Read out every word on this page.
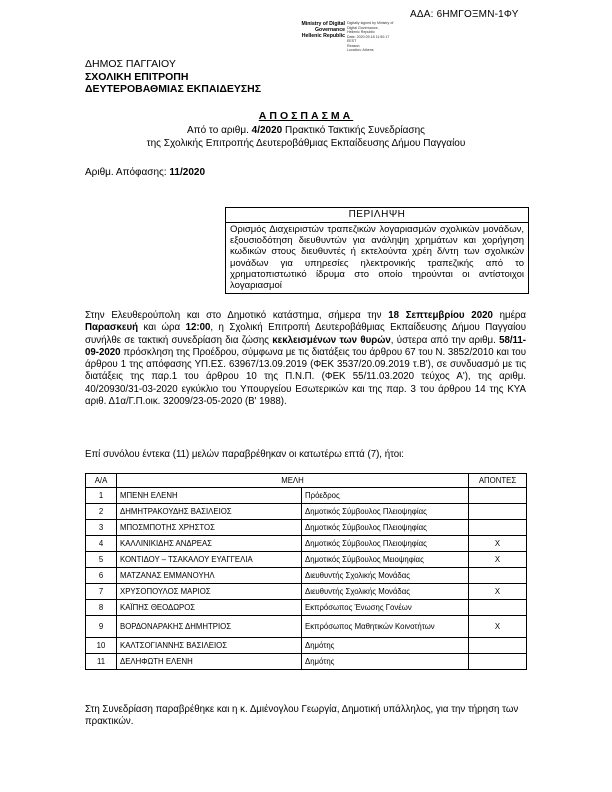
ΑΔΑ: 6ΗΜΓΟΞΜΝ-1ΦΥ
Ministry of Digital
Governance
Hellenic Republic
Digitally signed by Ministry of
Digital Governance,
Hellenic Republic
Date: 2020.09.18 11:50:17
EEST
Reason:
Location: Athens
ΔΗΜΟΣ ΠΑΓΓΑΙΟΥ
ΣΧΟΛΙΚΗ ΕΠΙΤΡΟΠΗ
ΔΕΥΤΕΡΟΒΑΘΜΙΑΣ ΕΚΠΑΙΔΕΥΣΗΣ
ΑΠΟΣΠΑΣΜΑ
Από το αριθμ. 4/2020 Πρακτικό Τακτικής Συνεδρίασης
της Σχολικής Επιτροπής Δευτεροβάθμιας Εκπαίδευσης Δήμου Παγγαίου
Αριθμ. Απόφασης: 11/2020
ΠΕΡΙΛΗΨΗ
Ορισμός Διαχειριστών τραπεζικών λογαριασμών σχολικών μονάδων, εξουσιοδότηση διευθυντών για ανάληψη χρημάτων και χορήγηση κωδικών στους διευθυντές ή εκτελούντα χρέη δ/ντη των σχολικών μονάδων για υπηρεσίες ηλεκτρονικής τραπεζικής από το χρηματοπιστωτικό ίδρυμα στο οποίο τηρούνται οι αντίστοιχοι λογαριασμοί
Στην Ελευθερούπολη και στο Δημοτικό κατάστημα, σήμερα την 18 Σεπτεμβρίου 2020 ημέρα Παρασκευή και ώρα 12:00, η Σχολική Επιτροπή Δευτεροβάθμιας Εκπαίδευσης Δήμου Παγγαίου συνήλθε σε τακτική συνεδρίαση δια ζώσης κεκλεισμένων των θυρών, ύστερα από την αριθμ. 58/11-09-2020 πρόσκληση της Προέδρου, σύμφωνα με τις διατάξεις του άρθρου 67 του Ν. 3852/2010 και του άρθρου 1 της απόφασης ΥΠ.ΕΣ. 63967/13.09.2019 (ΦΕΚ 3537/20.09.2019 τ.Β'), σε συνδυασμό με τις διατάξεις της παρ.1 του άρθρου 10 της Π.Ν.Π. (ΦΕΚ 55/11.03.2020 τεύχος Α'), της αριθμ. 40/20930/31-03-2020 εγκύκλιο του Υπουργείου Εσωτερικών και της παρ. 3 του άρθρου 14 της ΚΥΑ αριθ. Δ1α/Γ.Π.οικ. 32009/23-05-2020 (Β' 1988).
Επί συνόλου έντεκα (11) μελών παραβρέθηκαν οι κατωτέρω επτά (7), ήτοι:
Α/Α	ΜΕΛΗ		ΑΠΟΝΤΕΣ
1	ΜΠΕΝΗ ΕΛΕΝΗ	Πρόεδρος	
2	ΔΗΜΗΤΡΑΚΟΥΔΗΣ ΒΑΣΙΛΕΙΟΣ	Δημοτικός Σύμβουλος Πλειοψηφίας	
3	ΜΠΟΣΜΠΟΤΗΣ ΧΡΗΣΤΟΣ	Δημοτικός Σύμβουλος Πλειοψηφίας	
4	ΚΑΛΛΙΝΙΚΙΔΗΣ ΑΝΔΡΕΑΣ	Δημοτικός Σύμβουλος Πλειοψηφίας	Χ
5	ΚΟΝΤΙΔΟΥ – ΤΣΑΚΑΛΟΥ ΕΥΑΓΓΕΛΙΑ	Δημοτικός Σύμβουλος Μειοψηφίας	Χ
6	ΜΑΤΖΑΝΑΣ ΕΜΜΑΝΟΥΗΛ	Διευθυντής Σχολικής Μονάδας	
7	ΧΡΥΣΟΠΟΥΛΟΣ ΜΑΡΙΟΣ	Διευθυντής Σχολικής Μονάδας	Χ
8	ΚΑΪΠΗΣ ΘΕΟΔΩΡΟΣ	Εκπρόσωπος Ένωσης Γονέων	
9	ΒΟΡΔΟΝΑΡΑΚΗΣ ΔΗΜΗΤΡΙΟΣ	Εκπρόσωπος Μαθητικών Κοινοτήτων	Χ
10	ΚΑΛΤΣΟΓΙΑΝΝΗΣ ΒΑΣΙΛΕΙΟΣ	Δημότης	
11	ΔΕΛΗΦΩΤΗ ΕΛΕΝΗ	Δημότης	
Στη Συνεδρίαση παραβρέθηκε και η κ. Δμιένογλου Γεωργία, Δημοτική υπάλληλος, για την τήρηση των πρακτικών.
